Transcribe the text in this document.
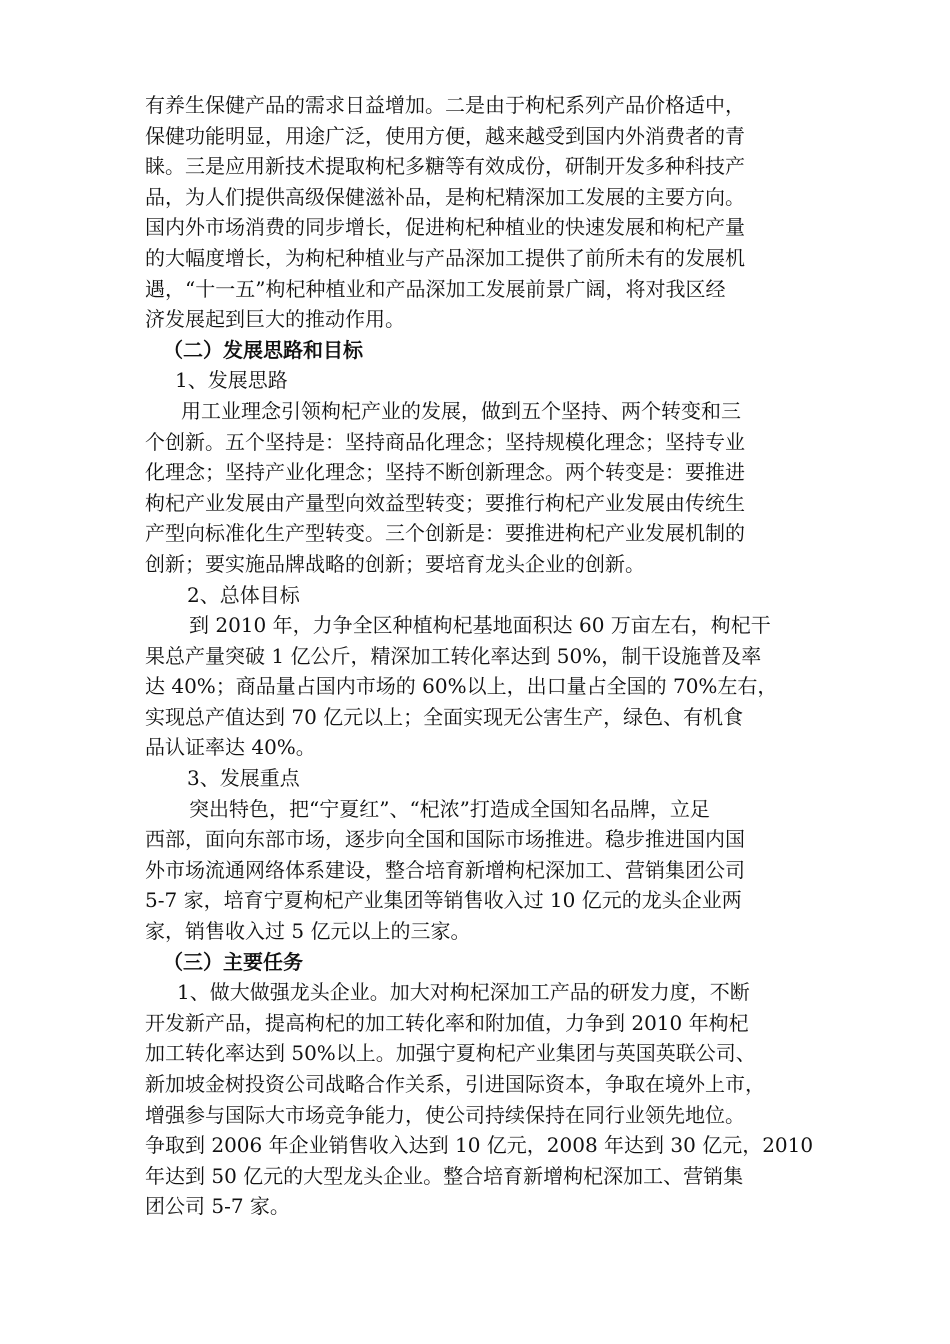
有养生保健产品的需求日益增加。二是由于枸杞系列产品价格适中，
保健功能明显，用途广泛，使用方便，越来越受到国内外消费者的青
睐。三是应用新技术提取枸杞多糖等有效成份，研制开发多种科技产
品，为人们提供高级保健滋补品，是枸杞精深加工发展的主要方向。
国内外市场消费的同步增长，促进枸杞种植业的快速发展和枸杞产量
的大幅度增长，为枸杞种植业与产品深加工提供了前所未有的发展机
遇，“十一五”枸杞种植业和产品深加工发展前景广阔，将对我区经
济发展起到巨大的推动作用。
（二）发展思路和目标
1、发展思路
用工业理念引领枸杞产业的发展，做到五个坚持、两个转变和三
个创新。五个坚持是：坚持商品化理念；坚持规模化理念；坚持专业
化理念；坚持产业化理念；坚持不断创新理念。两个转变是：要推进
枸杞产业发展由产量型向效益型转变；要推行枸杞产业发展由传统生
产型向标准化生产型转变。三个创新是：要推进枸杞产业发展机制的
创新；要实施品牌战略的创新；要培育龙头企业的创新。
2、总体目标
到 2010 年，力争全区种植枸杞基地面积达 60 万亩左右，枸杞干
果总产量突破 1 亿公斤，精深加工转化率达到 50%，制干设施普及率
达 40%；商品量占国内市场的 60%以上，出口量占全国的 70%左右，
实现总产值达到 70 亿元以上；全面实现无公害生产，绿色、有机食
品认证率达 40%。
3、发展重点
突出特色，把“宁夏红”、“杞浓”打造成全国知名品牌，立足
西部，面向东部市场，逐步向全国和国际市场推进。稳步推进国内国
外市场流通网络体系建设，整合培育新增枸杞深加工、营销集团公司
5-7 家，培育宁夏枸杞产业集团等销售收入过 10 亿元的龙头企业两
家，销售收入过 5 亿元以上的三家。
（三）主要任务
1、做大做强龙头企业。加大对枸杞深加工产品的研发力度，不断
开发新产品，提高枸杞的加工转化率和附加值，力争到 2010 年枸杞
加工转化率达到 50%以上。加强宁夏枸杞产业集团与英国英联公司、
新加坡金树投资公司战略合作关系，引进国际资本，争取在境外上市，
增强参与国际大市场竞争能力，使公司持续保持在同行业领先地位。
争取到 2006 年企业销售收入达到 10 亿元，2008 年达到 30 亿元，2010
年达到 50 亿元的大型龙头企业。整合培育新增枸杞深加工、营销集
团公司 5-7 家。
